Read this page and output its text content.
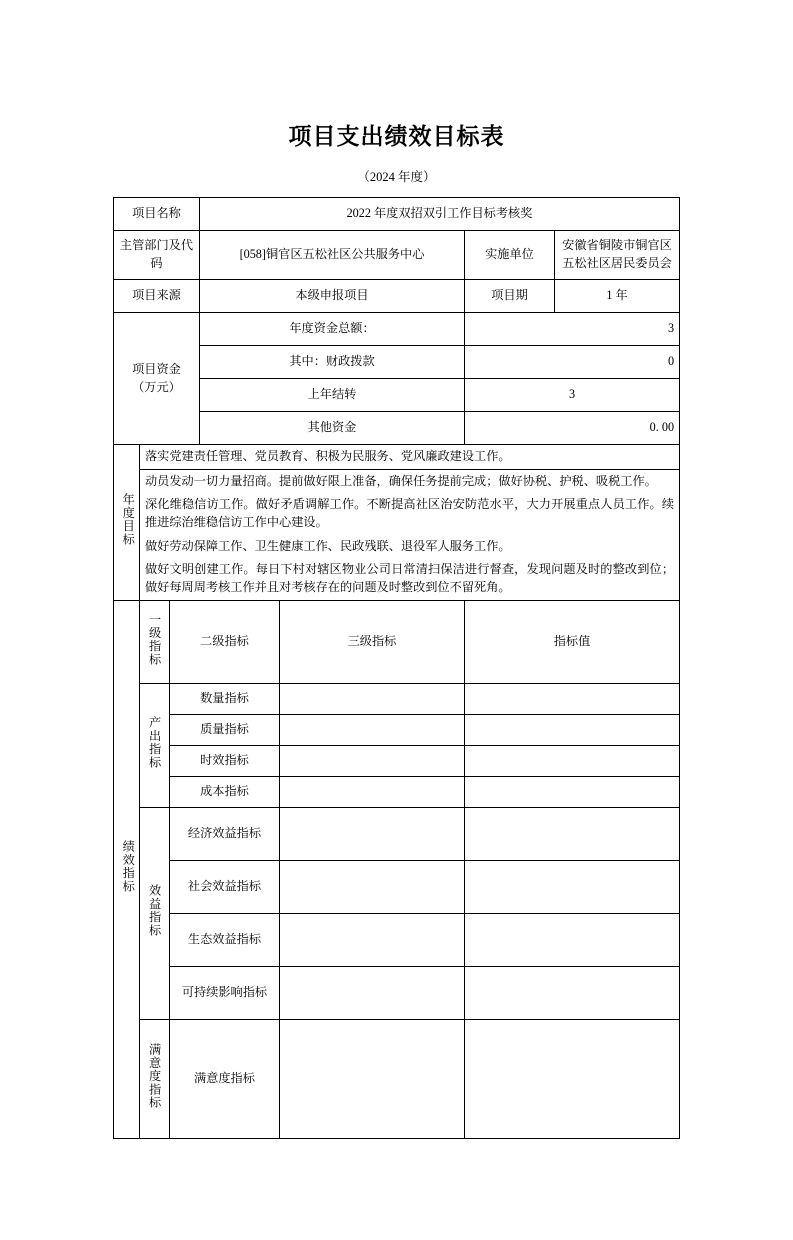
项目支出绩效目标表
（2024 年度）
项目名称			2022 年度双招双引工作目标考核奖			
主管部门及代码			[058]铜官区五松社区公共服务中心		实施单位	安徽省铜陵市铜官区五松社区居民委员会
项目来源			本级申报项目		项目期	1 年

项目资金
（万元）			年度资金总额：		3	
			其中：财政拨款		0	
			上年结转		3	
			其他资金		0. 00	
年度目标	落实党建责任管理、党员教育、积极为民服务、党风廉政建设工作。					
	动员发动一切力量招商。提前做好限上准备，确保任务提前完成；做好协税、护税、吸税工作。					
	深化维稳信访工作。做好矛盾调解工作。不断提高社区治安防范水平，大力开展重点人员工作。续推进综治维稳信访工作中心建设。					
	做好劳动保障工作、卫生健康工作、民政残联、退役军人服务工作。					
	做好文明创建工作。每日下村对辖区物业公司日常清扫保洁进行督查，发现问题及时的整改到位；做好每周周考核工作并且对考核存在的问题及时整改到位不留死角。					
绩效指标	一级指标	二级指标		三级指标	指标值	
	产出指标	数量指标				
		质量指标				
		时效指标				
		成本指标				
	效益指标	经济效益指标				
		社会效益指标				
		生态效益指标				
		可持续影响指标				
	满意度指标	满意度指标				
